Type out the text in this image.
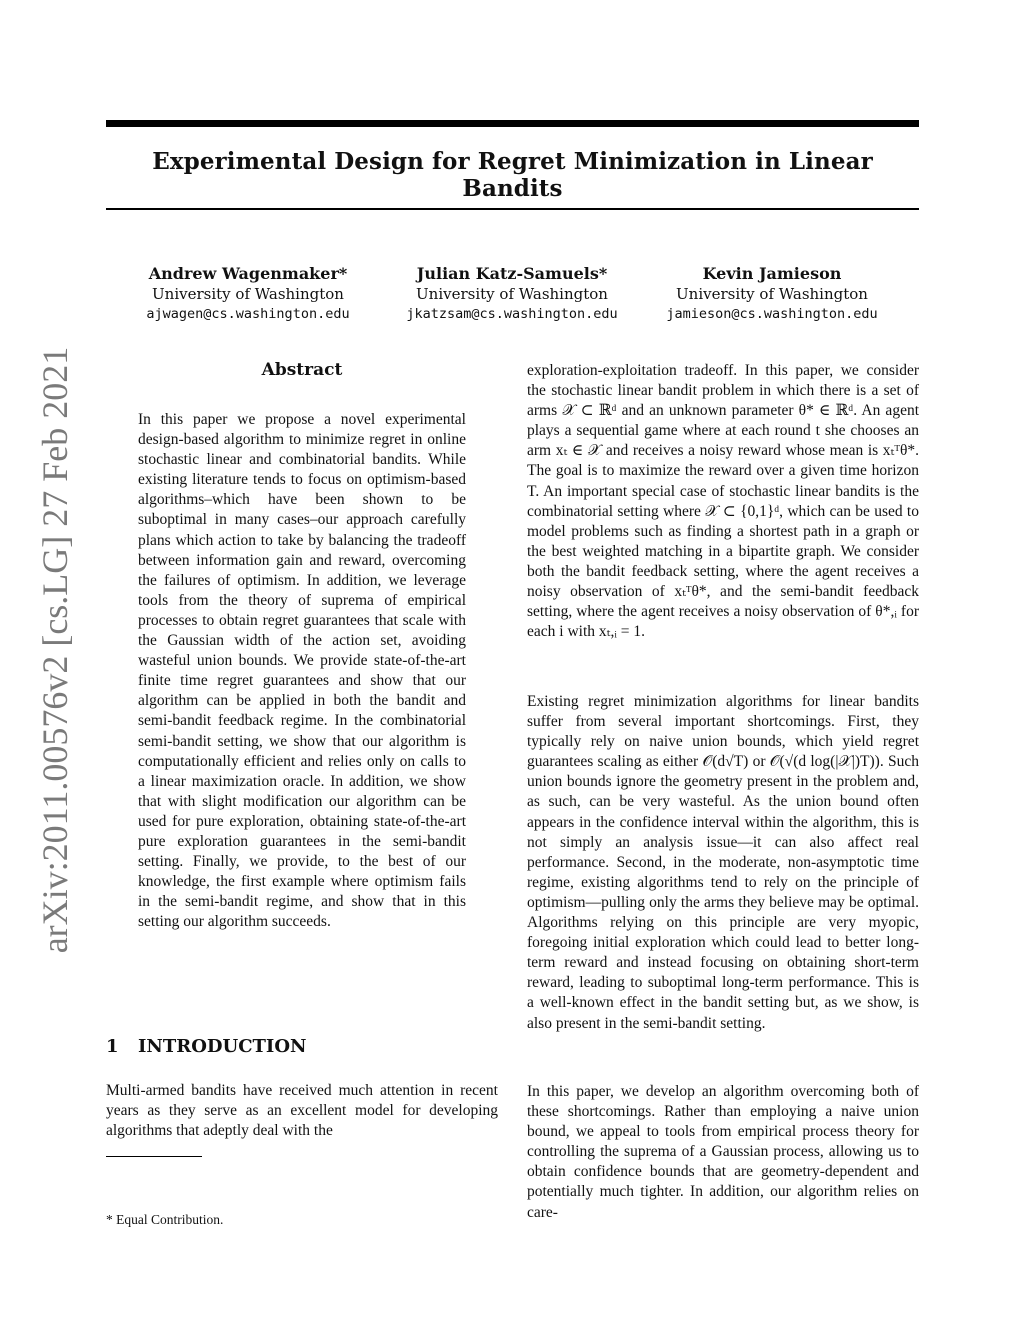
arXiv:2011.00576v2 [cs.LG] 27 Feb 2021
Experimental Design for Regret Minimization in Linear Bandits
Andrew Wagenmaker*
University of Washington
ajwagen@cs.washington.edu
Julian Katz-Samuels*
University of Washington
jkatzsam@cs.washington.edu
Kevin Jamieson
University of Washington
jamieson@cs.washington.edu
Abstract
In this paper we propose a novel experimental design-based algorithm to minimize regret in online stochastic linear and combinatorial bandits. While existing literature tends to focus on optimism-based algorithms–which have been shown to be suboptimal in many cases–our approach carefully plans which action to take by balancing the tradeoff between information gain and reward, overcoming the failures of optimism. In addition, we leverage tools from the theory of suprema of empirical processes to obtain regret guarantees that scale with the Gaussian width of the action set, avoiding wasteful union bounds. We provide state-of-the-art finite time regret guarantees and show that our algorithm can be applied in both the bandit and semi-bandit feedback regime. In the combinatorial semi-bandit setting, we show that our algorithm is computationally efficient and relies only on calls to a linear maximization oracle. In addition, we show that with slight modification our algorithm can be used for pure exploration, obtaining state-of-the-art pure exploration guarantees in the semi-bandit setting. Finally, we provide, to the best of our knowledge, the first example where optimism fails in the semi-bandit regime, and show that in this setting our algorithm succeeds.
1 INTRODUCTION
Multi-armed bandits have received much attention in recent years as they serve as an excellent model for developing algorithms that adeptly deal with the
* Equal Contribution.
exploration-exploitation tradeoff. In this paper, we consider the stochastic linear bandit problem in which there is a set of arms 𝒳 ⊂ ℝᵈ and an unknown parameter θ* ∈ ℝᵈ. An agent plays a sequential game where at each round t she chooses an arm xₜ ∈ 𝒳 and receives a noisy reward whose mean is xₜᵀθ*. The goal is to maximize the reward over a given time horizon T. An important special case of stochastic linear bandits is the combinatorial setting where 𝒳 ⊂ {0,1}ᵈ, which can be used to model problems such as finding a shortest path in a graph or the best weighted matching in a bipartite graph. We consider both the bandit feedback setting, where the agent receives a noisy observation of xₜᵀθ*, and the semi-bandit feedback setting, where the agent receives a noisy observation of θ*,ᵢ for each i with xₜ,ᵢ = 1.
Existing regret minimization algorithms for linear bandits suffer from several important shortcomings. First, they typically rely on naive union bounds, which yield regret guarantees scaling as either 𝒪(d√T) or 𝒪(√(d log(|𝒳|)T)). Such union bounds ignore the geometry present in the problem and, as such, can be very wasteful. As the union bound often appears in the confidence interval within the algorithm, this is not simply an analysis issue—it can also affect real performance. Second, in the moderate, non-asymptotic time regime, existing algorithms tend to rely on the principle of optimism—pulling only the arms they believe may be optimal. Algorithms relying on this principle are very myopic, foregoing initial exploration which could lead to better long-term reward and instead focusing on obtaining short-term reward, leading to suboptimal long-term performance. This is a well-known effect in the bandit setting but, as we show, is also present in the semi-bandit setting.
In this paper, we develop an algorithm overcoming both of these shortcomings. Rather than employing a naive union bound, we appeal to tools from empirical process theory for controlling the suprema of a Gaussian process, allowing us to obtain confidence bounds that are geometry-dependent and potentially much tighter. In addition, our algorithm relies on care-
